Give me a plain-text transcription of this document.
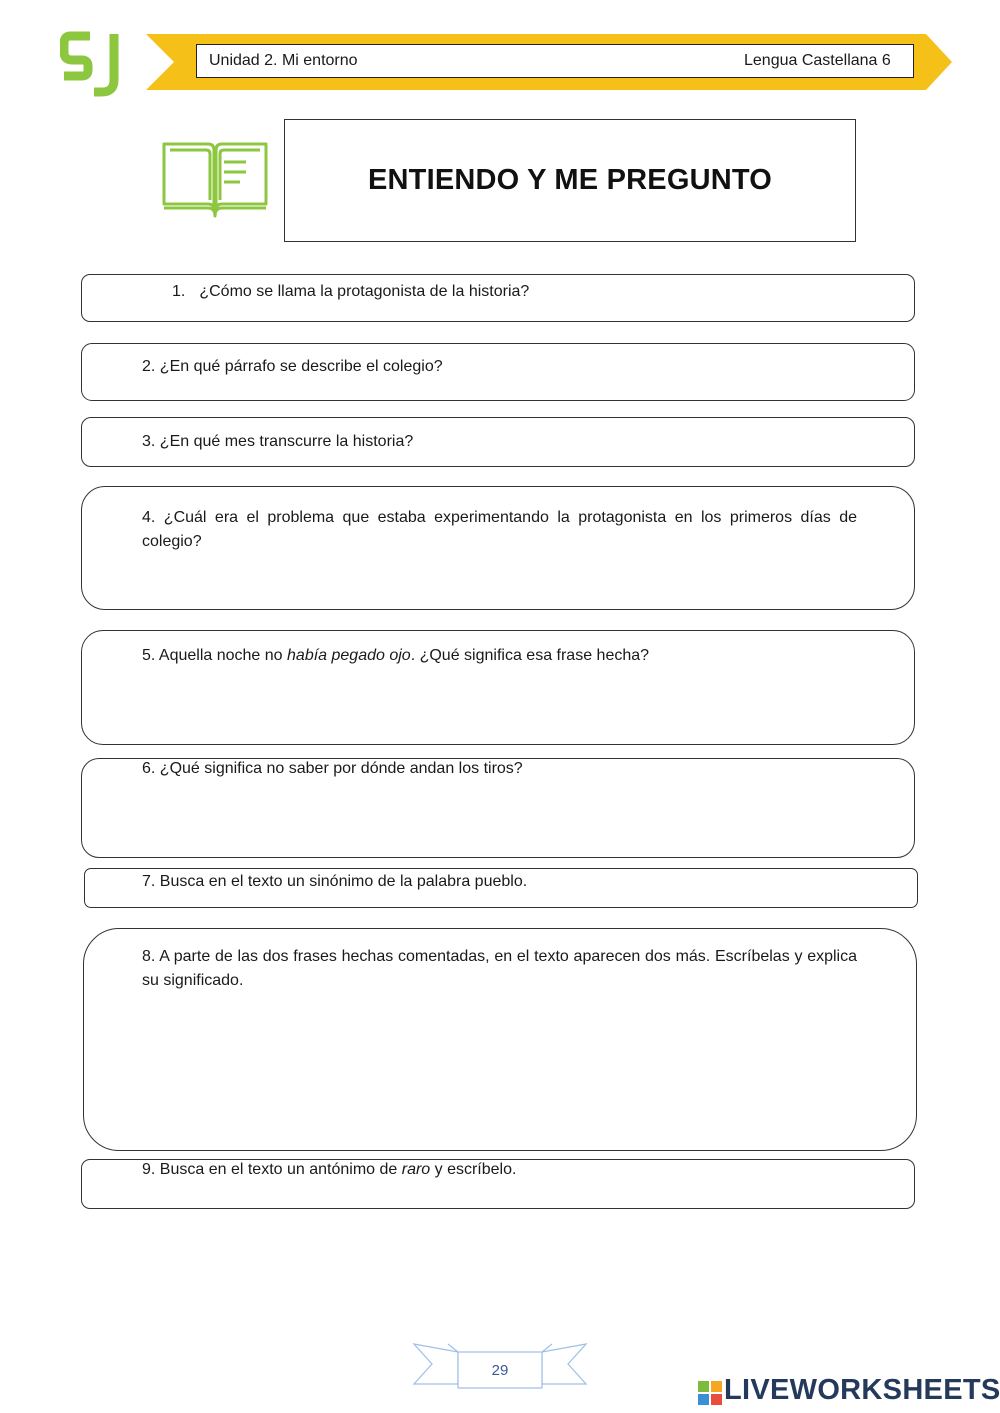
Unidad 2. Mi entorno	Lengua Castellana 6
ENTIENDO Y ME PREGUNTO
1. ¿Cómo se llama la protagonista de la historia?
2. ¿En qué párrafo se describe el colegio?
3. ¿En qué mes transcurre la historia?
4. ¿Cuál era el problema que estaba experimentando la protagonista en los primeros días de colegio?
5. Aquella noche no había pegado ojo. ¿Qué significa esa frase hecha?
6. ¿Qué significa no saber por dónde andan los tiros?
7. Busca en el texto un sinónimo de la palabra pueblo.
8. A parte de las dos frases hechas comentadas, en el texto aparecen dos más. Escríbelas y explica su significado.
9. Busca en el texto un antónimo de raro y escríbelo.
29
LIVEWORKSHEETS
